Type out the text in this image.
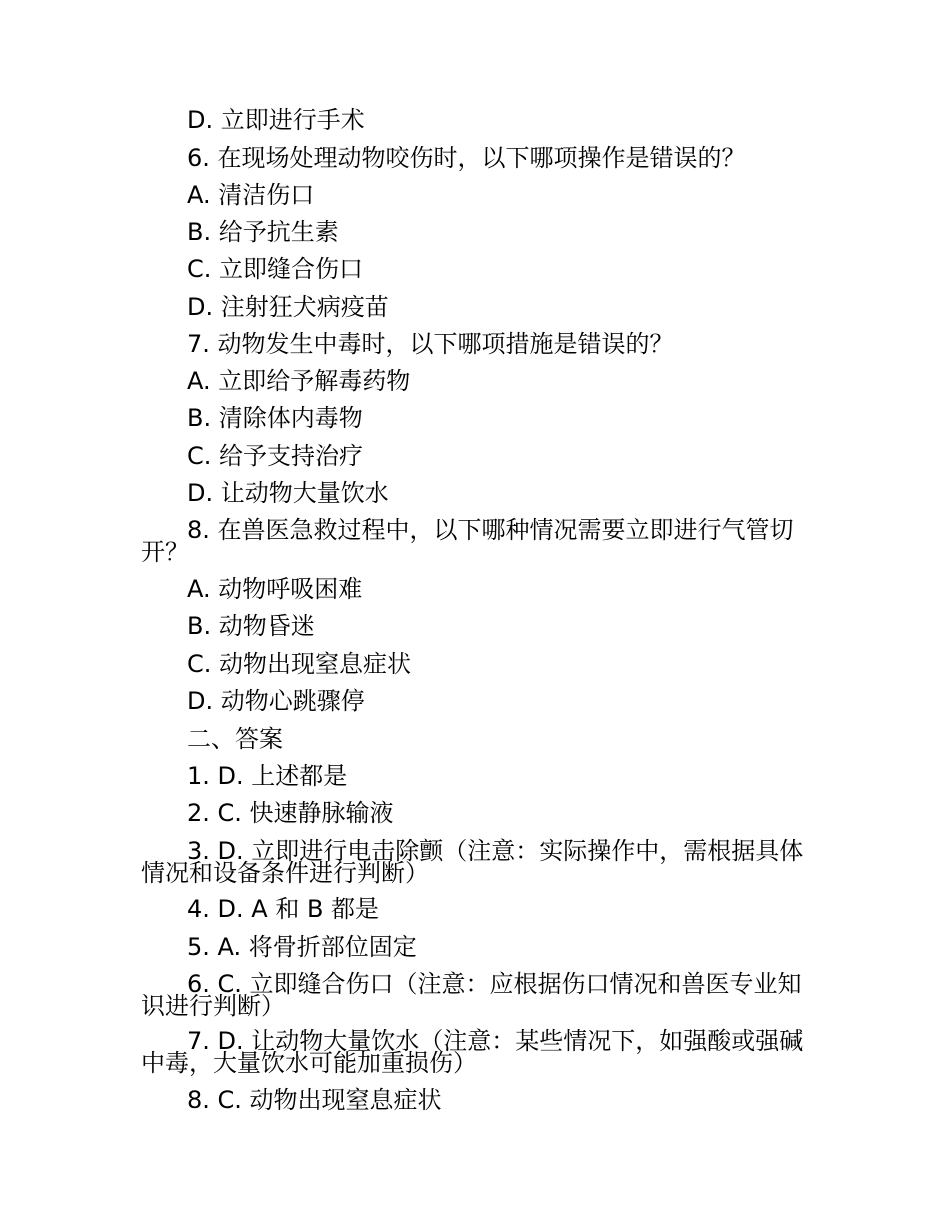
D. 立即进行手术
6. 在现场处理动物咬伤时，以下哪项操作是错误的？
A. 清洁伤口
B. 给予抗生素
C. 立即缝合伤口
D. 注射狂犬病疫苗
7. 动物发生中毒时，以下哪项措施是错误的？
A. 立即给予解毒药物
B. 清除体内毒物
C. 给予支持治疗
D. 让动物大量饮水
8. 在兽医急救过程中，以下哪种情况需要立即进行气管切开？
A. 动物呼吸困难
B. 动物昏迷
C. 动物出现窒息症状
D. 动物心跳骤停
二、答案
1. D. 上述都是
2. C. 快速静脉输液
3. D. 立即进行电击除颤（注意：实际操作中，需根据具体情况和设备条件进行判断）
4. D. A 和 B 都是
5. A. 将骨折部位固定
6. C. 立即缝合伤口（注意：应根据伤口情况和兽医专业知识进行判断）
7. D. 让动物大量饮水（注意：某些情况下，如强酸或强碱中毒，大量饮水可能加重损伤）
8. C. 动物出现窒息症状
